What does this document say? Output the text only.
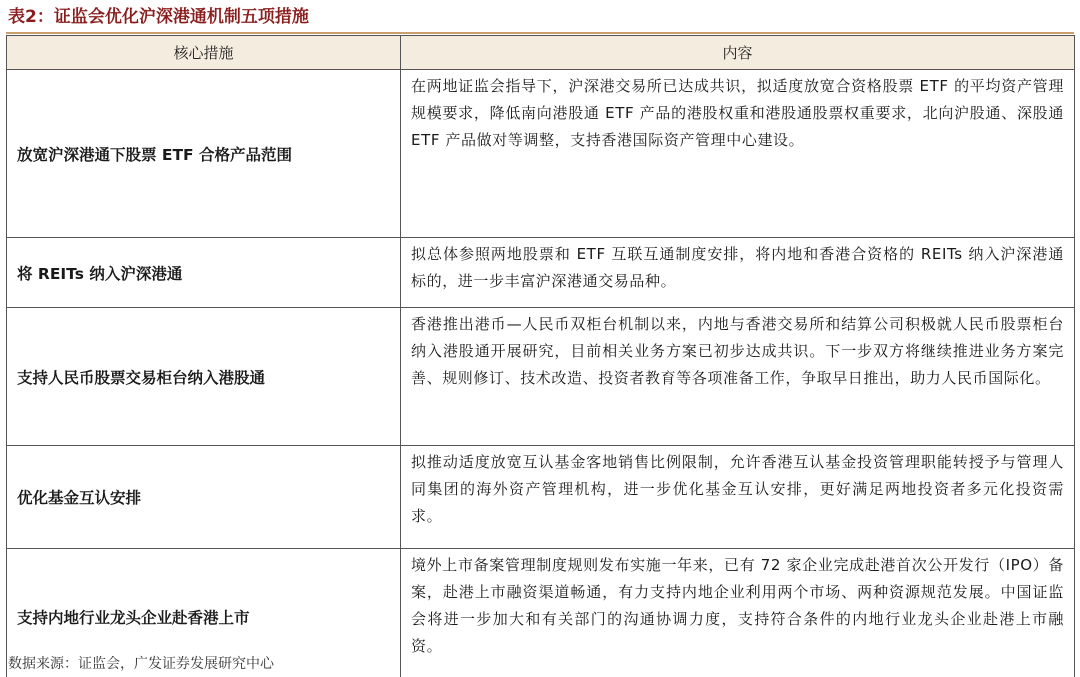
表2：证监会优化沪深港通机制五项措施
核心措施	内容
放宽沪深港通下股票 ETF 合格产品范围	在两地证监会指导下，沪深港交易所已达成共识，拟适度放宽合资格股票 ETF 的平均资产管理规模要求，降低南向港股通 ETF 产品的港股权重和港股通股票权重要求，北向沪股通、深股通 ETF 产品做对等调整，支持香港国际资产管理中心建设。
将 REITs 纳入沪深港通	拟总体参照两地股票和 ETF 互联互通制度安排，将内地和香港合资格的 REITs 纳入沪深港通标的，进一步丰富沪深港通交易品种。
支持人民币股票交易柜台纳入港股通	香港推出港币—人民币双柜台机制以来，内地与香港交易所和结算公司积极就人民币股票柜台纳入港股通开展研究，目前相关业务方案已初步达成共识。下一步双方将继续推进业务方案完善、规则修订、技术改造、投资者教育等各项准备工作，争取早日推出，助力人民币国际化。
优化基金互认安排	拟推动适度放宽互认基金客地销售比例限制，允许香港互认基金投资管理职能转授予与管理人同集团的海外资产管理机构，进一步优化基金互认安排，更好满足两地投资者多元化投资需求。
支持内地行业龙头企业赴香港上市	境外上市备案管理制度规则发布实施一年来，已有 72 家企业完成赴港首次公开发行（IPO）备案，赴港上市融资渠道畅通，有力支持内地企业利用两个市场、两种资源规范发展。中国证监会将进一步加大和有关部门的沟通协调力度，支持符合条件的内地行业龙头企业赴港上市融资。
数据来源：证监会，广发证券发展研究中心
